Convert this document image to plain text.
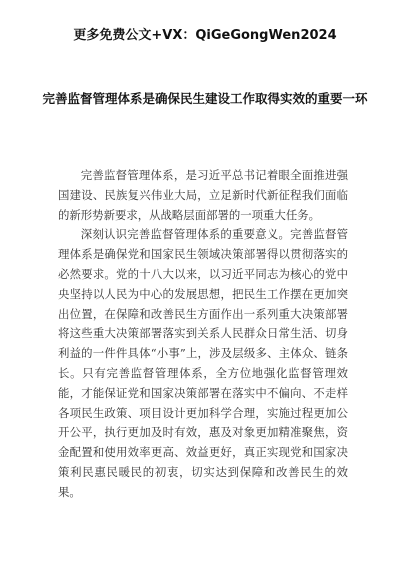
更多免费公文+VX：QiGeGongWen2024
完善监督管理体系是确保民生建设工作取得实效的重要一环

完善监督管理体系，是习近平总书记着眼全面推进强国建设、民族复兴伟业大局，立足新时代新征程我们面临的新形势新要求，从战略层面部署的一项重大任务。

深刻认识完善监督管理体系的重要意义。完善监督管理体系是确保党和国家民生领域决策部署得以贯彻落实的必然要求。党的十八大以来，以习近平同志为核心的党中央坚持以人民为中心的发展思想，把民生工作摆在更加突出位置，在保障和改善民生方面作出一系列重大决策部署将这些重大决策部署落实到关系人民群众日常生活、切身利益的一件件具体“小事”上，涉及层级多、主体众、链条长。只有完善监督管理体系，全方位地强化监督管理效能，才能保证党和国家决策部署在落实中不偏向、不走样各项民生政策、项目设计更加科学合理，实施过程更加公开公平，执行更加及时有效，惠及对象更加精准聚焦，资金配置和使用效率更高、效益更好，真正实现党和国家决策利民惠民暖民的初衷，切实达到保障和改善民生的效果。
